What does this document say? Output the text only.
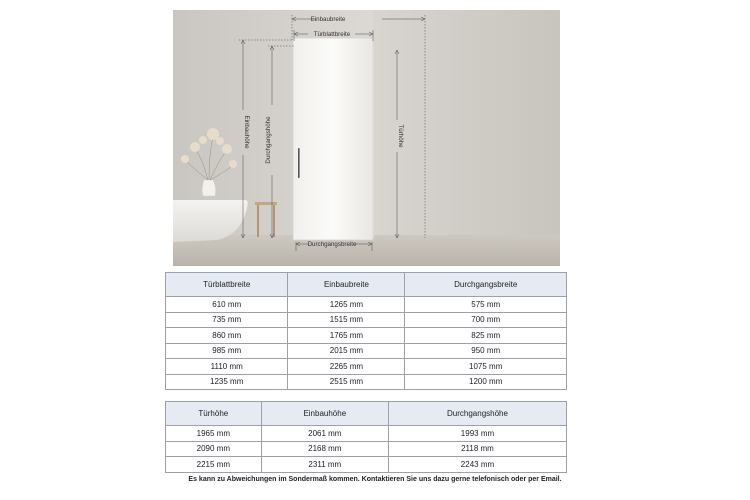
Einbaubreite
Türblattbreite
Durchgangsbreite
Einbauhöhe Durchgangshöhe	Türhöhe
Türblattbreite	Einbaubreite	Durchgangsbreite
610 mm	1265 mm	575 mm
735 mm	1515 mm	700 mm
860 mm	1765 mm	825 mm
985 mm	2015 mm	950 mm
1110 mm	2265 mm	1075 mm
1235 mm	2515 mm	1200 mm
Türhöhe	Einbauhöhe	Durchgangshöhe
1965 mm	2061 mm	1993 mm
2090 mm	2168 mm	2118 mm
2215 mm	2311 mm	2243 mm
Es kann zu Abweichungen im Sondermaß kommen. Kontaktieren Sie uns dazu gerne telefonisch oder per Email.
